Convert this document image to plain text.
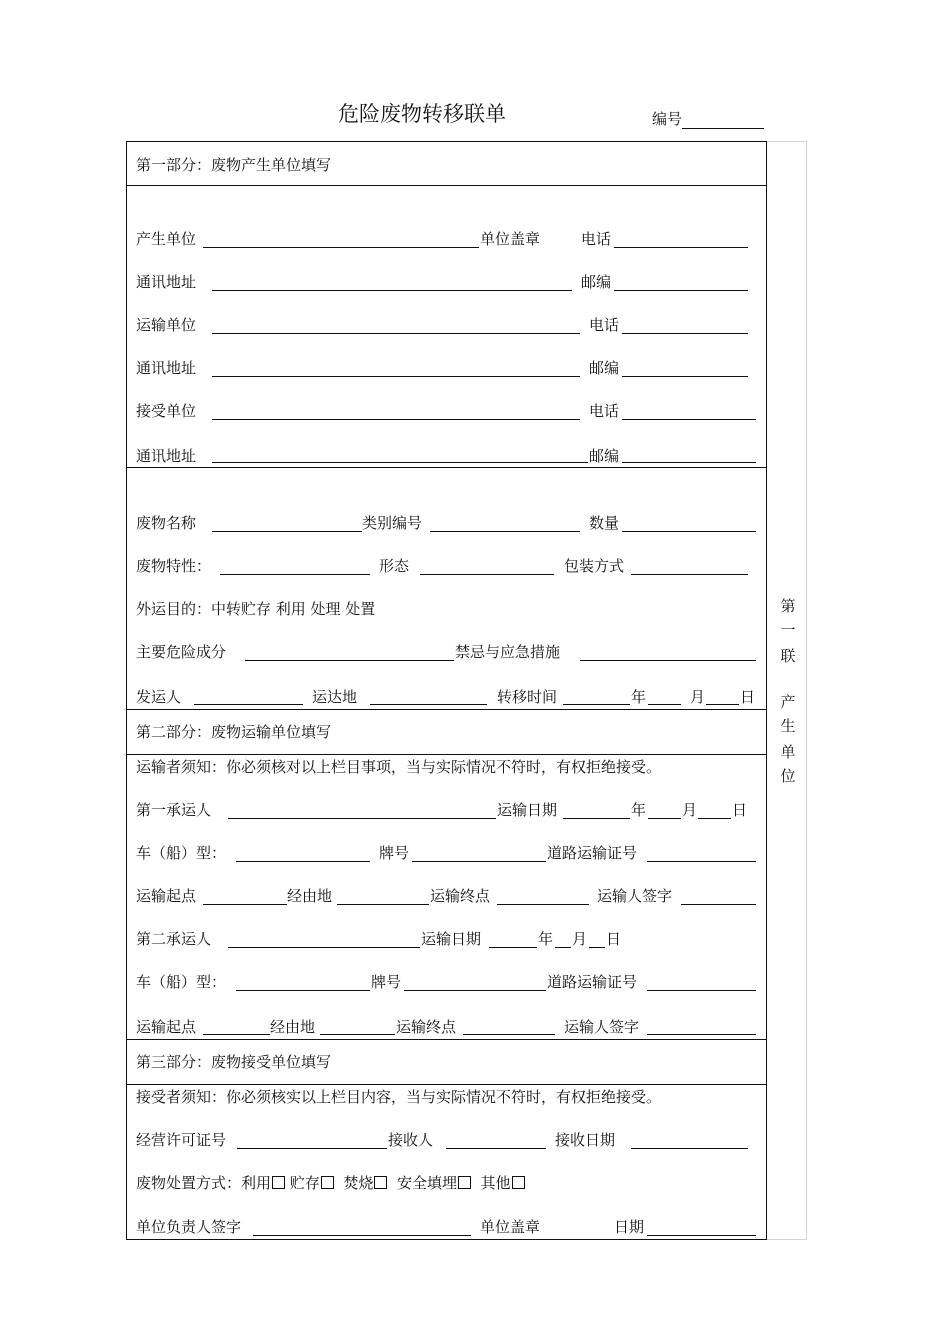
危险废物转移联单	编号
第
一
联
产
生
单
位
第一部分：废物产生单位填写
产生单位	单位盖章	电话
通讯地址	邮编
运输单位	电话
通讯地址	邮编
接受单位	电话
通讯地址	邮编
废物名称	类别编号	数量
废物特性：	形态	包装方式
外运目的：中转贮存 利用 处理 处置
主要危险成分	禁忌与应急措施
发运人	运达地	转移时间	年	月 日
第二部分：废物运输单位填写
运输者须知：你必须核对以上栏目事项，当与实际情况不符时，有权拒绝接受。
第一承运人	运输日期	年 月 日
车（船）型：	牌号	道路运输证号
运输起点	经由地	运输终点	运输人签字
第二承运人	运输日期	年 月 日
车（船）型：	牌号	道路运输证号
运输起点	经由地	运输终点	运输人签字
第三部分：废物接受单位填写
接受者须知：你必须核实以上栏目内容，当与实际情况不符时，有权拒绝接受。
经营许可证号	接收人	接收日期
废物处置方式：利用 贮存 焚烧 安全填埋 其他
单位负责人签字	单位盖章	日期
